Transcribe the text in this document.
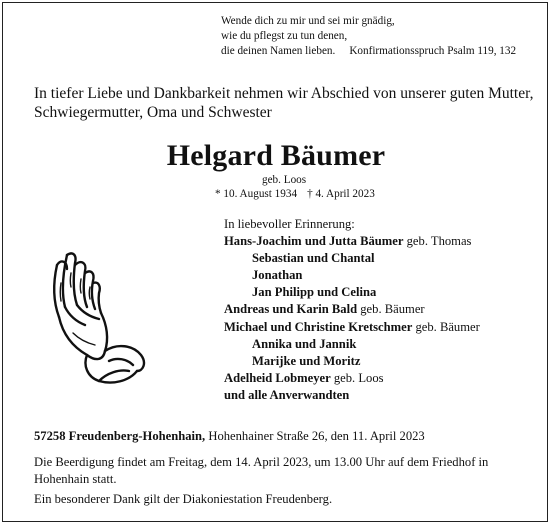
Wende dich zu mir und sei mir gnädig,
wie du pflegst zu tun denen,
die deinen Namen lieben. Konfirmationsspruch Psalm 119, 132
In tiefer Liebe und Dankbarkeit nehmen wir Abschied von unserer guten Mutter, Schwiegermutter, Oma und Schwester
Helgard Bäumer
geb. Loos
* 10. August 1934 † 4. April 2023
In liebevoller Erinnerung:
Hans-Joachim und Jutta Bäumer geb. Thomas
Sebastian und Chantal
Jonathan
Jan Philipp und Celina
Andreas und Karin Bald geb. Bäumer
Michael und Christine Kretschmer geb. Bäumer
Annika und Jannik
Marijke und Moritz
Adelheid Lobmeyer geb. Loos
und alle Anverwandten
57258 Freudenberg-Hohenhain, Hohenhainer Straße 26, den 11. April 2023
Die Beerdigung findet am Freitag, dem 14. April 2023, um 13.00 Uhr auf dem Friedhof in Hohenhain statt.
Ein besonderer Dank gilt der Diakoniestation Freudenberg.
